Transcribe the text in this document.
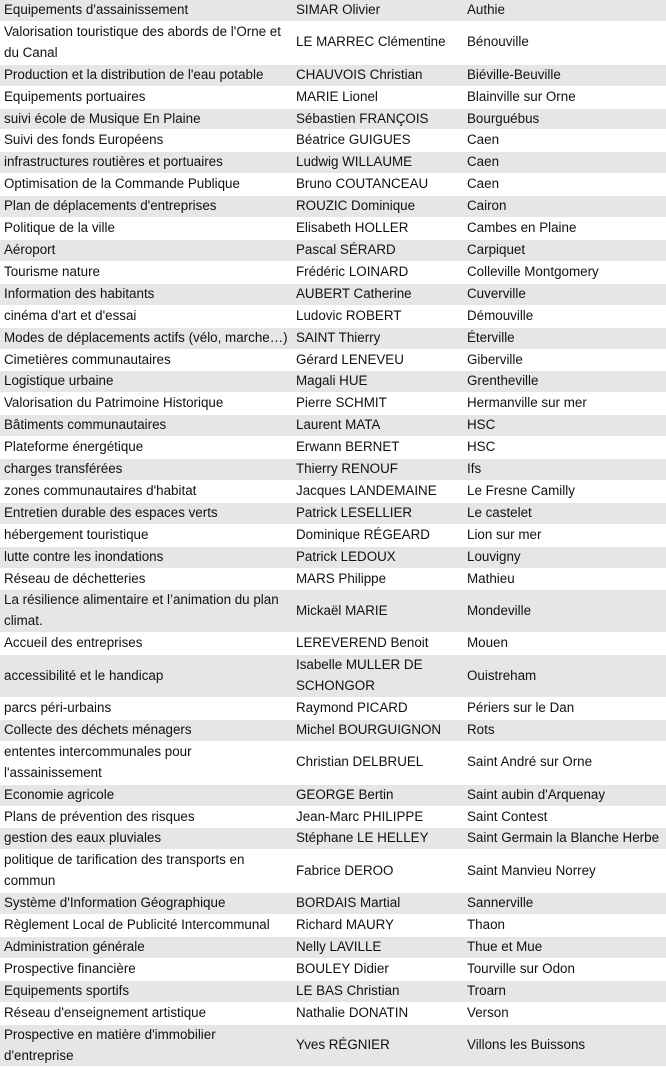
Equipements d'assainissement	SIMAR Olivier	Authie
Valorisation touristique des abords de l'Orne et du Canal	LE MARREC Clémentine	Bénouville
Production et la distribution de l'eau potable	CHAUVOIS Christian	Biéville-Beuville
Equipements portuaires	MARIE Lionel	Blainville sur Orne
suivi école de Musique En Plaine	Sébastien FRANÇOIS	Bourguébus
Suivi des fonds Européens	Béatrice GUIGUES	Caen
infrastructures routières et portuaires	Ludwig WILLAUME	Caen
Optimisation de la Commande Publique	Bruno COUTANCEAU	Caen
Plan de déplacements d'entreprises	ROUZIC Dominique	Cairon
Politique de la ville	Elisabeth HOLLER	Cambes en Plaine
Aéroport	Pascal SÉRARD	Carpiquet
Tourisme nature	Frédéric LOINARD	Colleville Montgomery
Information des habitants	AUBERT Catherine	Cuverville
cinéma d'art et d'essai	Ludovic ROBERT	Démouville
Modes de déplacements actifs (vélo, marche…)	SAINT Thierry	Éterville
Cimetières communautaires	Gérard LENEVEU	Giberville
Logistique urbaine	Magali HUE	Grentheville
Valorisation du Patrimoine Historique	Pierre SCHMIT	Hermanville sur mer
Bâtiments communautaires	Laurent MATA	HSC
Plateforme énergétique	Erwann BERNET	HSC
charges transférées	Thierry RENOUF	Ifs
zones communautaires d'habitat	Jacques LANDEMAINE	Le Fresne Camilly
Entretien durable des espaces verts	Patrick LESELLIER	Le castelet
hébergement touristique	Dominique RÉGEARD	Lion sur mer
lutte contre les inondations	Patrick LEDOUX	Louvigny
Réseau de déchetteries	MARS Philippe	Mathieu
La résilience alimentaire et l’animation du plan climat.	Mickaël MARIE	Mondeville
Accueil des entreprises	LEREVEREND Benoit	Mouen
accessibilité et le handicap	Isabelle MULLER DE SCHONGOR	Ouistreham
parcs péri-urbains	Raymond PICARD	Périers sur le Dan
Collecte des déchets ménagers	Michel BOURGUIGNON	Rots
ententes intercommunales pour l'assainissement	Christian DELBRUEL	Saint André sur Orne
Economie agricole	GEORGE Bertin	Saint aubin d'Arquenay
Plans de prévention des risques	Jean-Marc PHILIPPE	Saint Contest
gestion des eaux pluviales	Stéphane LE HELLEY	Saint Germain la Blanche Herbe
politique de tarification des transports en commun	Fabrice DEROO	Saint Manvieu Norrey
Système d'Information Géographique	BORDAIS Martial	Sannerville
Règlement Local de Publicité Intercommunal	Richard MAURY	Thaon
Administration générale	Nelly LAVILLE	Thue et Mue
Prospective financière	BOULEY Didier	Tourville sur Odon
Equipements sportifs	LE BAS Christian	Troarn
Réseau d'enseignement artistique	Nathalie DONATIN	Verson
Prospective en matière d'immobilier d'entreprise	Yves RÉGNIER	Villons les Buissons
